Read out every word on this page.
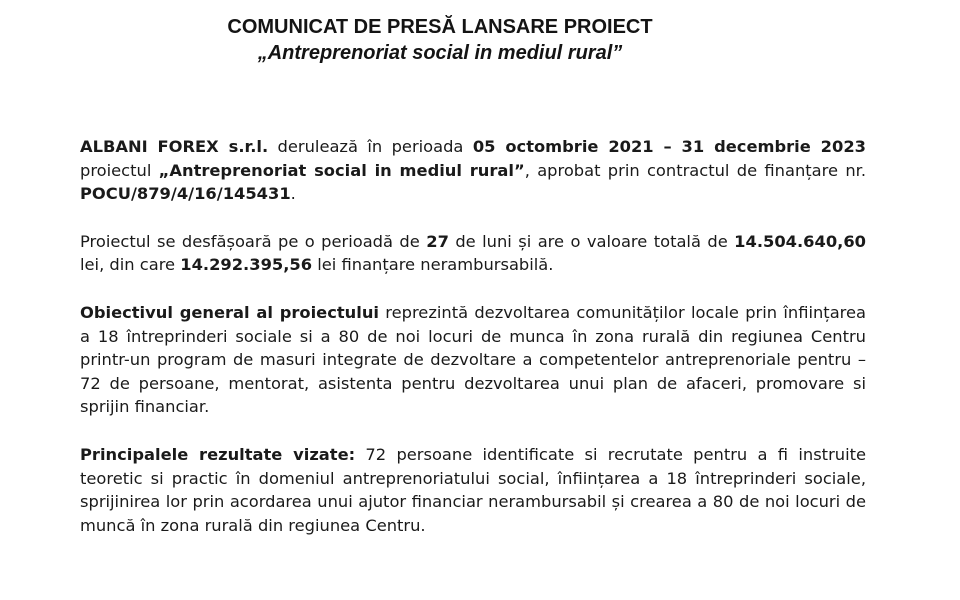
COMUNICAT DE PRESĂ LANSARE PROIECT
„Antreprenoriat social in mediul rural”

ALBANI FOREX s.r.l. derulează în perioada 05 octombrie 2021 – 31 decembrie 2023 proiectul „Antreprenoriat social in mediul rural”, aprobat prin contractul de finanțare nr. POCU/879/4/16/145431.

Proiectul se desfășoară pe o perioadă de 27 de luni și are o valoare totală de 14.504.640,60 lei, din care 14.292.395,56 lei finanțare nerambursabilă.

Obiectivul general al proiectului reprezintă dezvoltarea comunităților locale prin înființarea a 18 întreprinderi sociale si a 80 de noi locuri de munca în zona rurală din regiunea Centru printr-un program de masuri integrate de dezvoltare a competentelor antreprenoriale pentru – 72 de persoane, mentorat, asistenta pentru dezvoltarea unui plan de afaceri, promovare si sprijin financiar.

Principalele rezultate vizate: 72 persoane identificate si recrutate pentru a fi instruite teoretic si practic în domeniul antreprenoriatului social, înființarea a 18 întreprinderi sociale, sprijinirea lor prin acordarea unui ajutor financiar nerambursabil și crearea a 80 de noi locuri de muncă în zona rurală din regiunea Centru.
